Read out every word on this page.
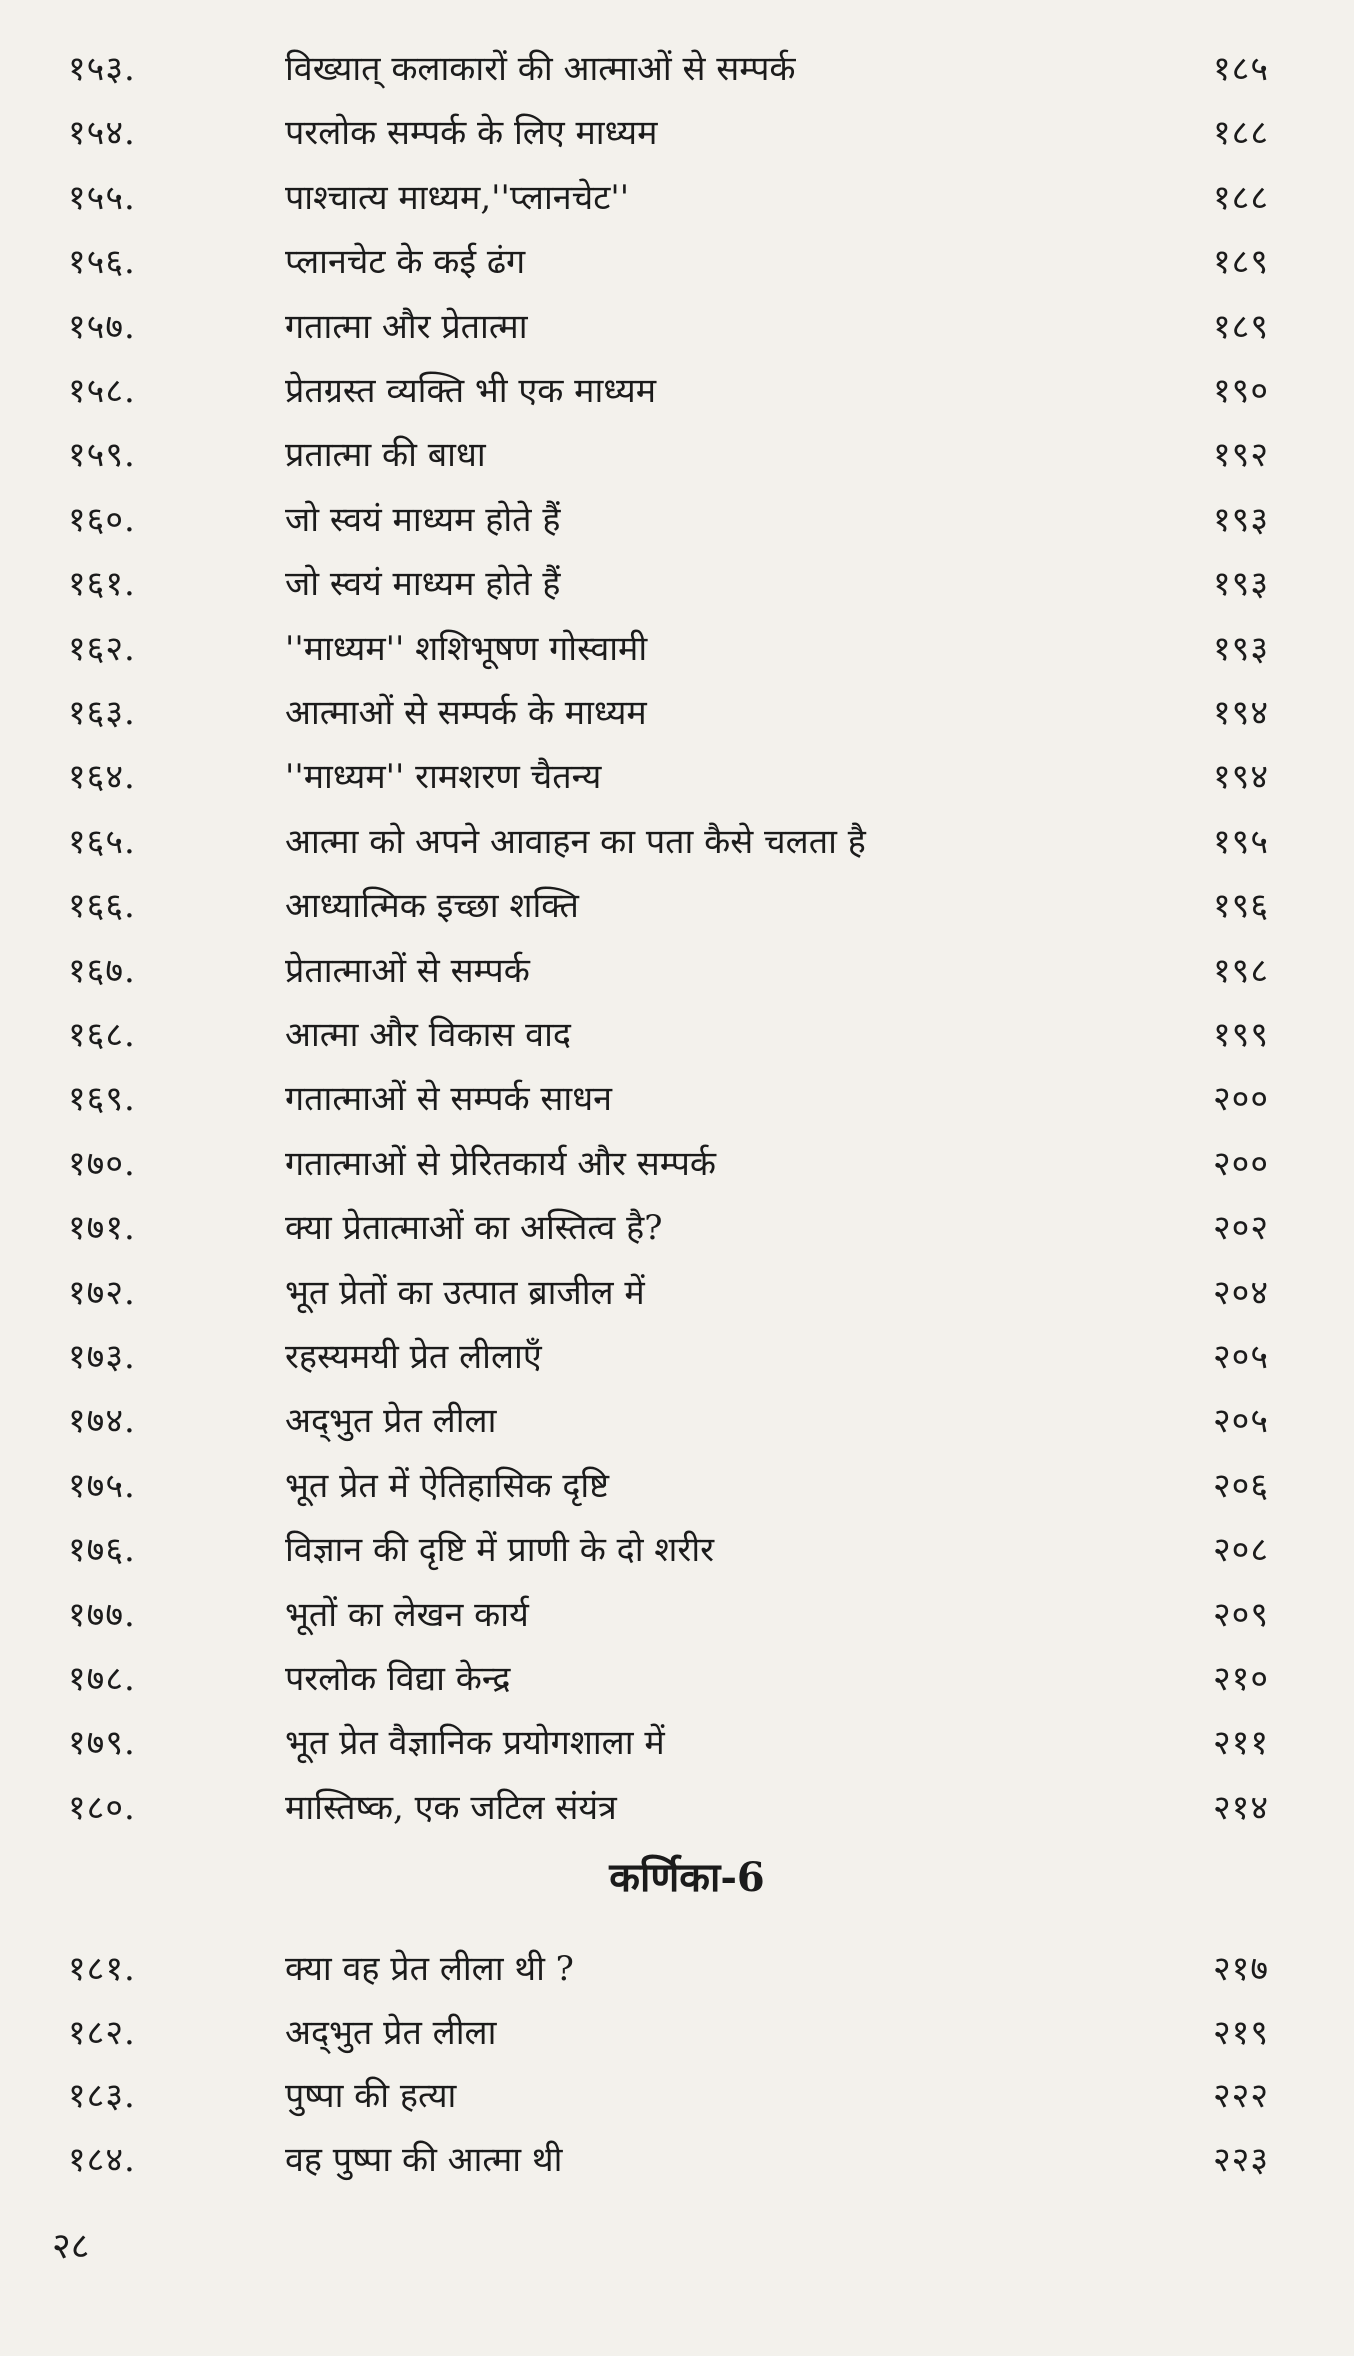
१५३.	विख्यात् कलाकारों की आत्माओं से सम्पर्क	१८५
१५४.	परलोक सम्पर्क के लिए माध्यम	१८८
१५५.	पाश्चात्य माध्यम,''प्लानचेट''	१८८
१५६.	प्लानचेट के कई ढंग	१८९
१५७.	गतात्मा और प्रेतात्मा	१८९
१५८.	प्रेतग्रस्त व्यक्ति भी एक माध्यम	१९०
१५९.	प्रतात्मा की बाधा	१९२
१६०.	जो स्वयं माध्यम होते हैं	१९३
१६१.	जो स्वयं माध्यम होते हैं	१९३
१६२.	''माध्यम'' शशिभूषण गोस्वामी	१९३
१६३.	आत्माओं से सम्पर्क के माध्यम	१९४
१६४.	''माध्यम'' रामशरण चैतन्य	१९४
१६५.	आत्मा को अपने आवाहन का पता कैसे चलता है	१९५
१६६.	आध्यात्मिक इच्छा शक्ति	१९६
१६७.	प्रेतात्माओं से सम्पर्क	१९८
१६८.	आत्मा और विकास वाद	१९९
१६९.	गतात्माओं से सम्पर्क साधन	२००
१७०.	गतात्माओं से प्रेरितकार्य और सम्पर्क	२००
१७१.	क्या प्रेतात्माओं का अस्तित्व है?	२०२
१७२.	भूत प्रेतों का उत्पात ब्राजील में	२०४
१७३.	रहस्यमयी प्रेत लीलाएँ	२०५
१७४.	अद्‌भुत प्रेत लीला	२०५
१७५.	भूत प्रेत में ऐतिहासिक दृष्टि	२०६
१७६.	विज्ञान की दृष्टि में प्राणी के दो शरीर	२०८
१७७.	भूतों का लेखन कार्य	२०९
१७८.	परलोक विद्या केन्द्र	२१०
१७९.	भूत प्रेत वैज्ञानिक प्रयोगशाला में	२११
१८०.	मास्तिष्क, एक जटिल संयंत्र	२१४
कर्णिका-6
१८१.	क्या वह प्रेत लीला थी ?	२१७
१८२.	अद्‌भुत प्रेत लीला	२१९
१८३.	पुष्पा की हत्या	२२२
१८४.	वह पुष्पा की आत्मा थी	२२३
२८
